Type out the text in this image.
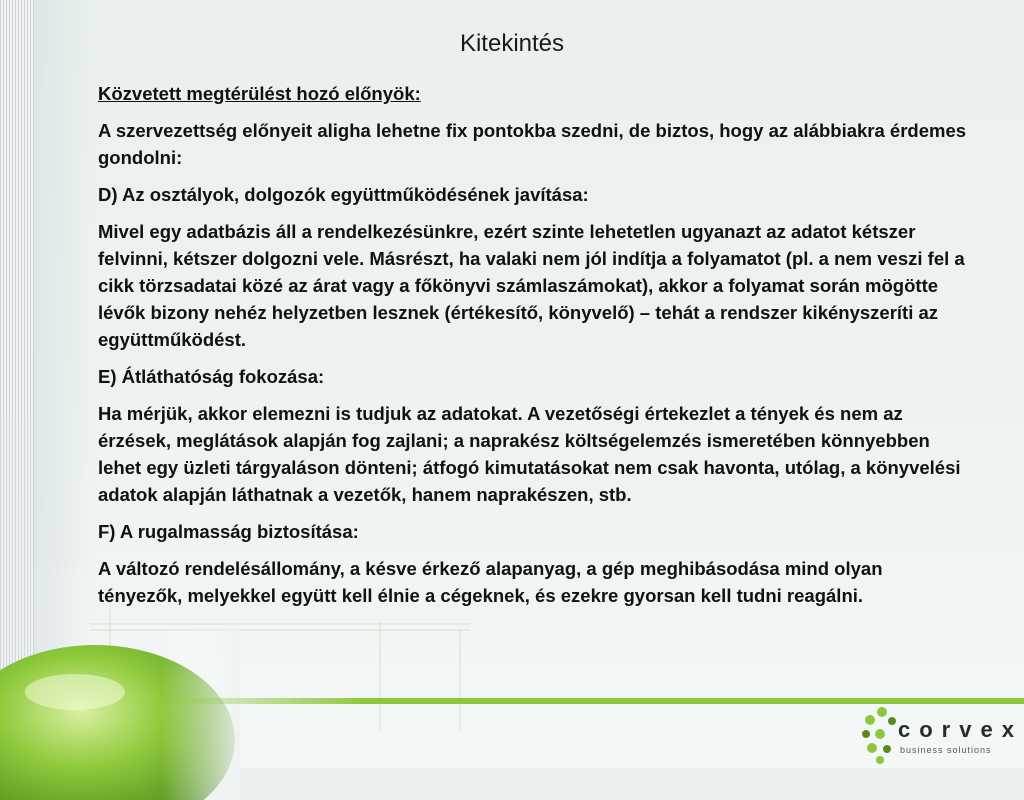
Kitekintés

Közvetett megtérülést hozó előnyök:

A szervezettség előnyeit aligha lehetne fix pontokba szedni, de biztos, hogy az alábbiakra érdemes gondolni:

D) Az osztályok, dolgozók együttműködésének javítása:

Mivel egy adatbázis áll a rendelkezésünkre, ezért szinte lehetetlen ugyanazt az adatot kétszer felvinni, kétszer dolgozni vele. Másrészt, ha valaki nem jól indítja a folyamatot (pl. a nem veszi fel a cikk törzsadatai közé az árat vagy a főkönyvi számlaszámokat), akkor a folyamat során mögötte lévők bizony nehéz helyzetben lesznek (értékesítő, könyvelő) – tehát a rendszer kikényszeríti az együttműködést.

E) Átláthatóság fokozása:

Ha mérjük, akkor elemezni is tudjuk az adatokat. A vezetőségi értekezlet a tények és nem az érzések, meglátások alapján fog zajlani; a naprakész költségelemzés ismeretében könnyebben lehet egy üzleti tárgyaláson dönteni; átfogó kimutatásokat nem csak havonta, utólag, a könyvelési adatok alapján láthatnak a vezetők, hanem naprakészen, stb.

F) A rugalmasság biztosítása:

A változó rendelésállomány, a késve érkező alapanyag, a gép meghibásodása mind olyan tényezők, melyekkel együtt kell élnie a cégeknek, és ezekre gyorsan kell tudni reagálni.

corvex
business solutions
